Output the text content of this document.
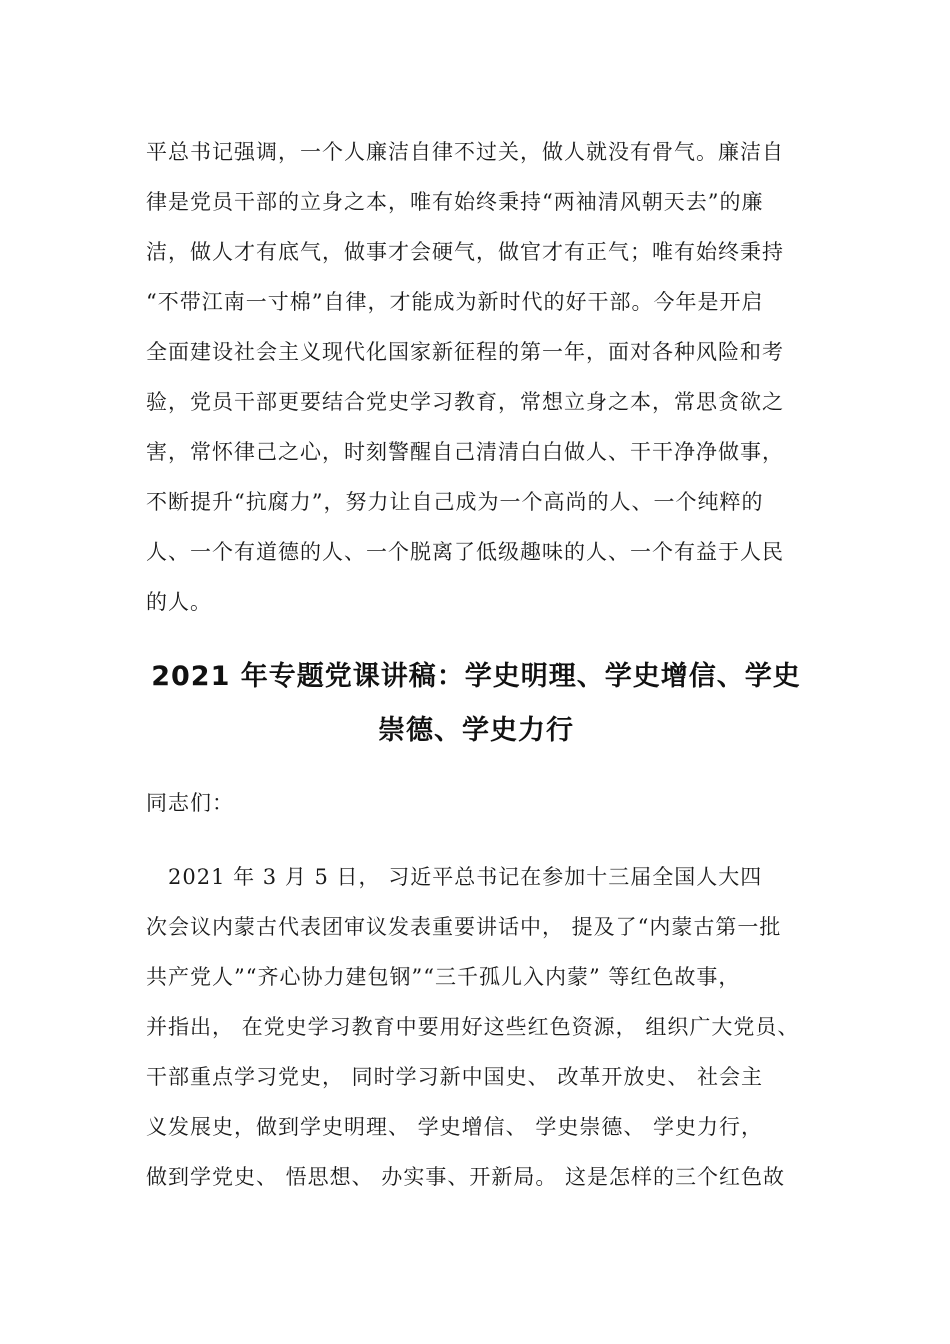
平总书记强调，一个人廉洁自律不过关，做人就没有骨气。廉洁自
律是党员干部的立身之本，唯有始终秉持“两袖清风朝天去”的廉
洁，做人才有底气，做事才会硬气，做官才有正气；唯有始终秉持
“不带江南一寸棉”自律，才能成为新时代的好干部。今年是开启
全面建设社会主义现代化国家新征程的第一年，面对各种风险和考
验，党员干部更要结合党史学习教育，常想立身之本，常思贪欲之
害，常怀律己之心，时刻警醒自己清清白白做人、干干净净做事，
不断提升“抗腐力”，努力让自己成为一个高尚的人、一个纯粹的
人、一个有道德的人、一个脱离了低级趣味的人、一个有益于人民
的人。
2021 年专题党课讲稿：学史明理、学史增信、学史
崇德、学史力行
同志们：
　2021 年 3 月 5 日， 习近平总书记在参加十三届全国人大四
次会议内蒙古代表团审议发表重要讲话中， 提及了“内蒙古第一批
共产党人”“齐心协力建包钢”“三千孤儿入内蒙” 等红色故事，
并指出， 在党史学习教育中要用好这些红色资源， 组织广大党员、
干部重点学习党史， 同时学习新中国史、 改革开放史、 社会主
义发展史，做到学史明理、 学史增信、 学史崇德、 学史力行，
做到学党史、 悟思想、 办实事、开新局。 这是怎样的三个红色故
